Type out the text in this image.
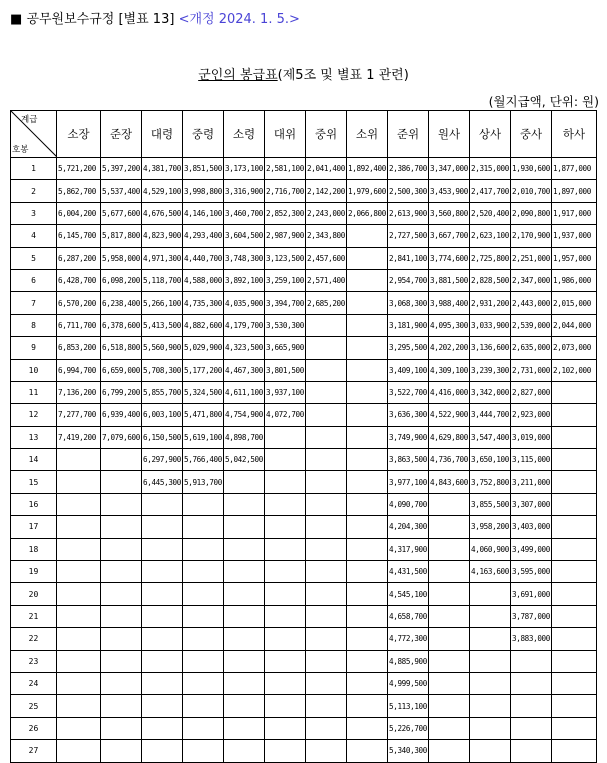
■ 공무원보수규정 [별표 13] <개정 2024. 1. 5.>
군인의 봉급표(제5조 및 별표 1 관련)
(월지급액, 단위: 원)
계급
호봉	소장	준장	대령	중령	소령	대위	중위	소위	준위	원사	상사	중사	하사
1	5,721,200	5,397,200	4,381,700	3,851,500	3,173,100	2,581,100	2,041,400	1,892,400	2,386,700	3,347,000	2,315,000	1,930,600	1,877,000
2	5,862,700	5,537,400	4,529,100	3,998,800	3,316,900	2,716,700	2,142,200	1,979,600	2,500,300	3,453,900	2,417,700	2,010,700	1,897,000
3	6,004,200	5,677,600	4,676,500	4,146,100	3,460,700	2,852,300	2,243,000	2,066,800	2,613,900	3,560,800	2,520,400	2,090,800	1,917,000
4	6,145,700	5,817,800	4,823,900	4,293,400	3,604,500	2,987,900	2,343,800		2,727,500	3,667,700	2,623,100	2,170,900	1,937,000
5	6,287,200	5,958,000	4,971,300	4,440,700	3,748,300	3,123,500	2,457,600		2,841,100	3,774,600	2,725,800	2,251,000	1,957,000
6	6,428,700	6,098,200	5,118,700	4,588,000	3,892,100	3,259,100	2,571,400		2,954,700	3,881,500	2,828,500	2,347,000	1,986,000
7	6,570,200	6,238,400	5,266,100	4,735,300	4,035,900	3,394,700	2,685,200		3,068,300	3,988,400	2,931,200	2,443,000	2,015,000
8	6,711,700	6,378,600	5,413,500	4,882,600	4,179,700	3,530,300			3,181,900	4,095,300	3,033,900	2,539,000	2,044,000
9	6,853,200	6,518,800	5,560,900	5,029,900	4,323,500	3,665,900			3,295,500	4,202,200	3,136,600	2,635,000	2,073,000
10	6,994,700	6,659,000	5,708,300	5,177,200	4,467,300	3,801,500			3,409,100	4,309,100	3,239,300	2,731,000	2,102,000
11	7,136,200	6,799,200	5,855,700	5,324,500	4,611,100	3,937,100			3,522,700	4,416,000	3,342,000	2,827,000	
12	7,277,700	6,939,400	6,003,100	5,471,800	4,754,900	4,072,700			3,636,300	4,522,900	3,444,700	2,923,000	
13	7,419,200	7,079,600	6,150,500	5,619,100	4,898,700				3,749,900	4,629,800	3,547,400	3,019,000	
14			6,297,900	5,766,400	5,042,500				3,863,500	4,736,700	3,650,100	3,115,000	
15			6,445,300	5,913,700					3,977,100	4,843,600	3,752,800	3,211,000	
16									4,090,700		3,855,500	3,307,000	
17									4,204,300		3,958,200	3,403,000	
18									4,317,900		4,060,900	3,499,000	
19									4,431,500		4,163,600	3,595,000	
20									4,545,100			3,691,000	
21									4,658,700			3,787,000	
22									4,772,300			3,883,000	
23									4,885,900				
24									4,999,500				
25									5,113,100				
26									5,226,700				
27									5,340,300				
